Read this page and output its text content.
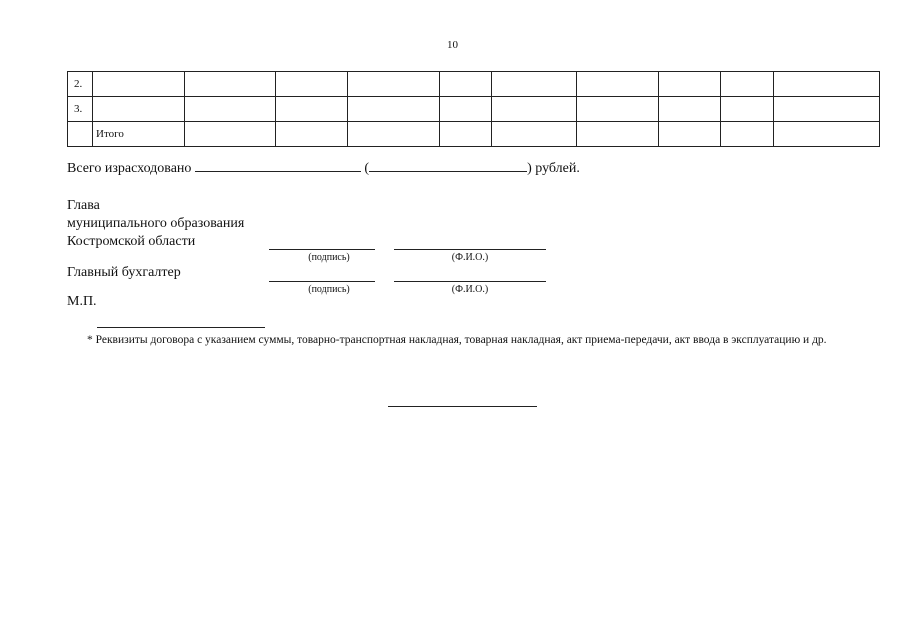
10
2.										
3.										
	Итого									
Всего израсходовано	(	) рублей.
Глава
муниципального образования
Костромской области
(подпись)	(Ф.И.О.)
Главный бухгалтер
(подпись)	(Ф.И.О.)
М.П.
* Реквизиты договора с указанием суммы, товарно-транспортная накладная, товарная накладная, акт приема-передачи, акт ввода в эксплуатацию и др.
